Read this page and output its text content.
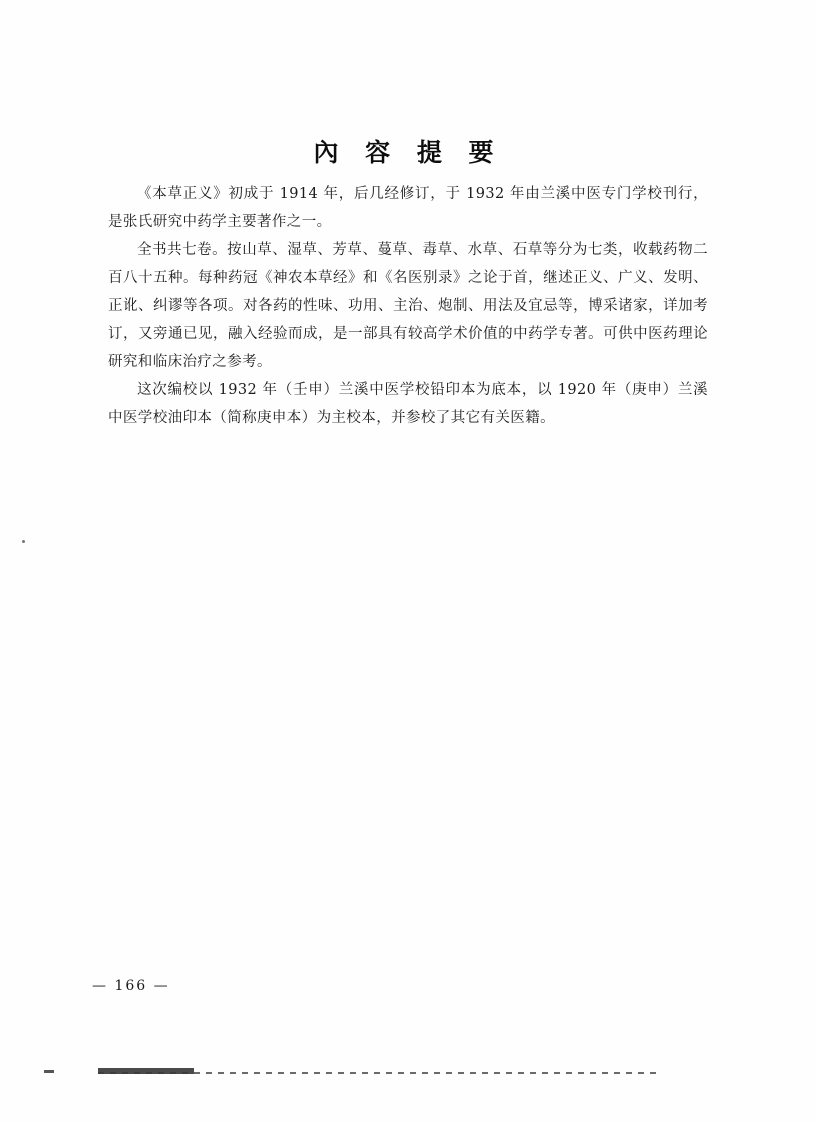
內 容 提 要

《本草正义》初成于 1914 年，后几经修订，于 1932 年由兰溪中医专门学校刊行，是张氏研究中药学主要著作之一。

全书共七卷。按山草、湿草、芳草、蔓草、毒草、水草、石草等分为七类，收载药物二百八十五种。每种药冠《神农本草经》和《名医别录》之论于首，继述正义、广义、发明、正讹、纠谬等各项。对各药的性味、功用、主治、炮制、用法及宜忌等，博采诸家，详加考订，又旁通已见，融入经验而成，是一部具有较高学术价值的中药学专著。可供中医药理论研究和临床治疗之参考。

这次编校以 1932 年（壬申）兰溪中医学校铅印本为底本，以 1920 年（庚申）兰溪中医学校油印本（简称庚申本）为主校本，并参校了其它有关医籍。

— 166 —
